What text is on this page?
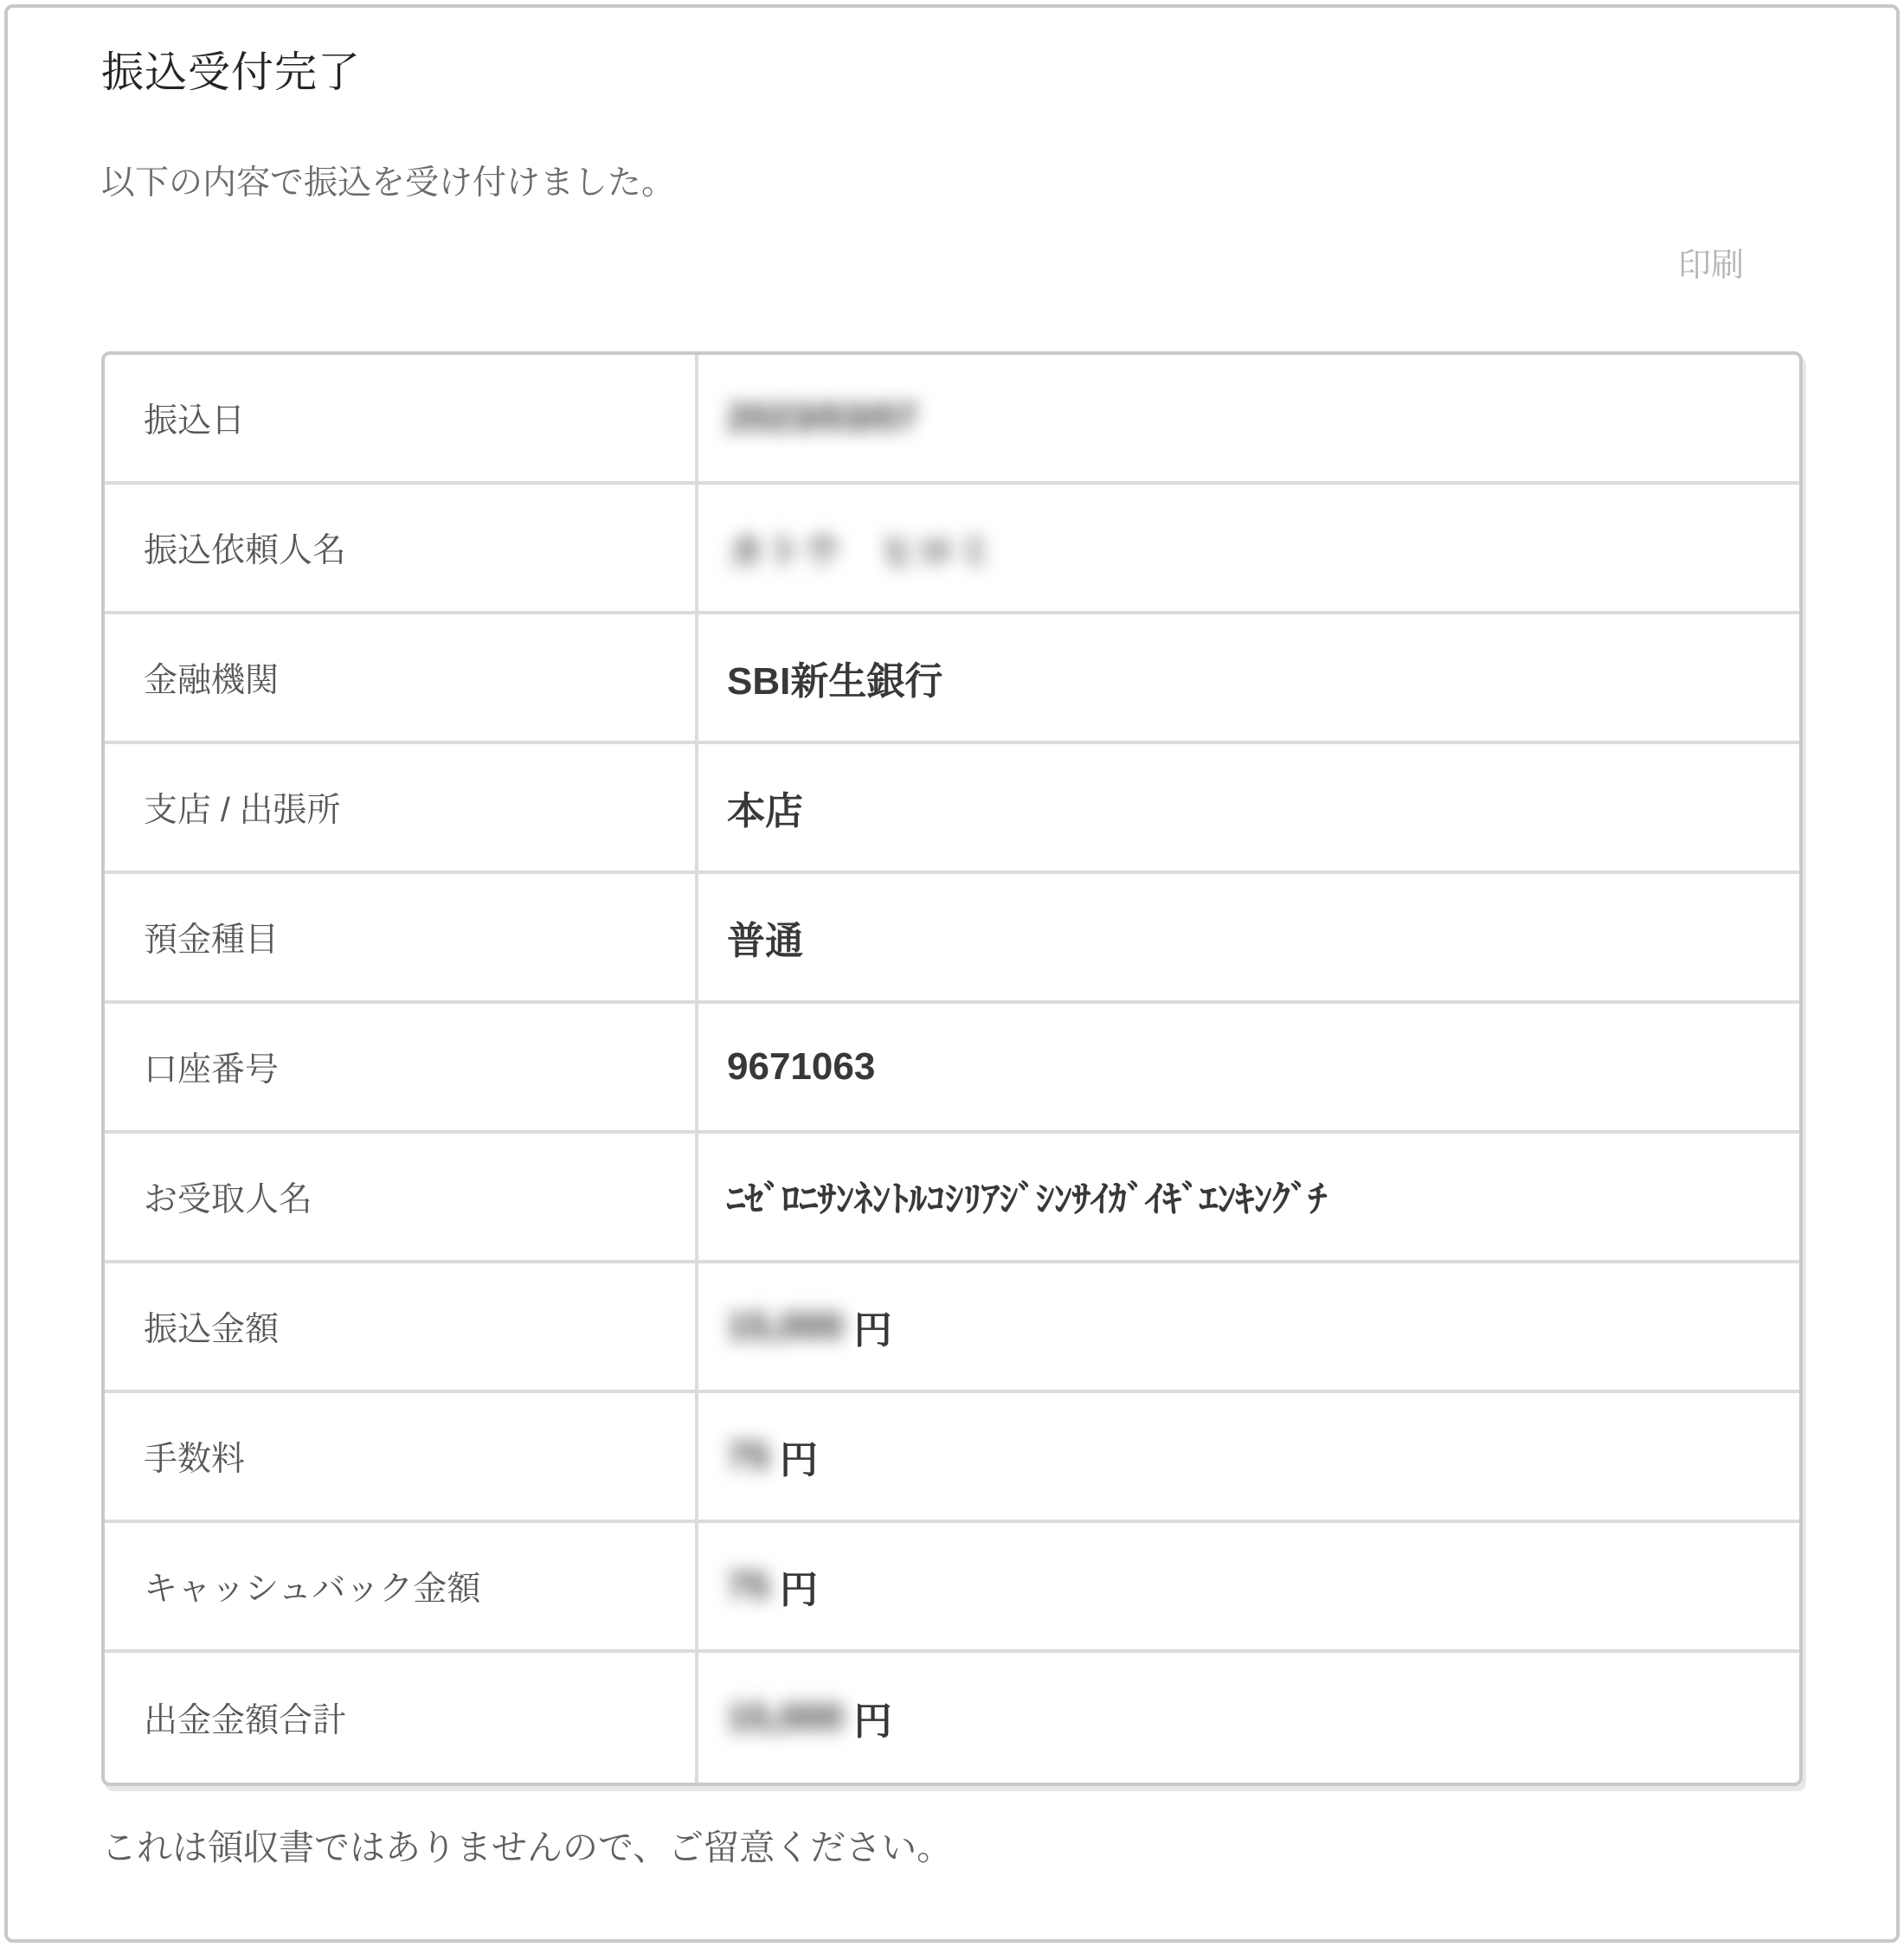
振込受付完了

以下の内容で振込を受け付けました。

印刷
振込日	2023/03/07
振込依頼人名	カトウ　ヒロミ
金融機関	SBI新生銀行
支店 / 出張所	本店
預金種目	普通
口座番号	9671063
お受取人名	ﾆｾﾞﾛﾆｻﾝﾈﾝﾄﾙｺｼﾘｱｼﾞｼﾝｻｲｶﾞｲｷﾞｴﾝｷﾝｸﾞﾁ
振込金額	15,000 円
手数料	75 円
キャッシュバック金額	75 円
出金金額合計	15,000 円

これは領収書ではありませんので、ご留意ください。
